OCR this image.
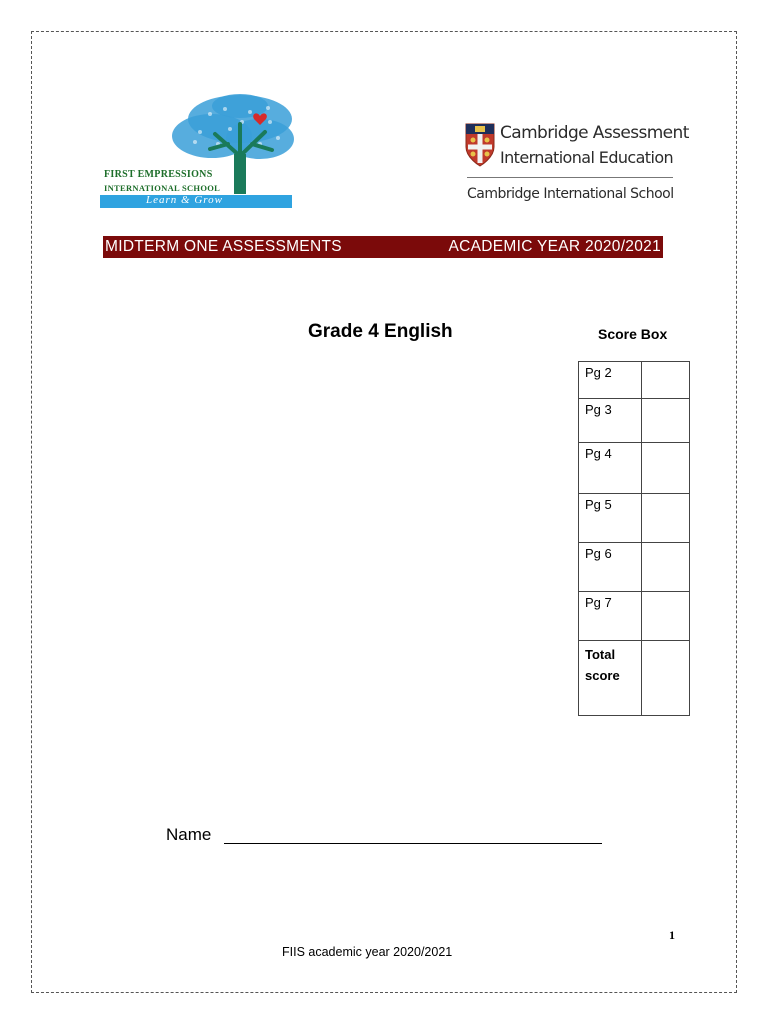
FIRST EMPRESSIONS
INTERNATIONAL SCHOOL
Learn & Grow
Cambridge Assessment
International Education
Cambridge International School
MIDTERM ONE ASSESSMENTS	ACADEMIC YEAR 2020/2021
Grade 4 English	Score Box
Pg 2	
Pg 3	
Pg 4	
Pg 5	
Pg 6	
Pg 7	
Total score	
Name
1
FIIS academic year 2020/2021
